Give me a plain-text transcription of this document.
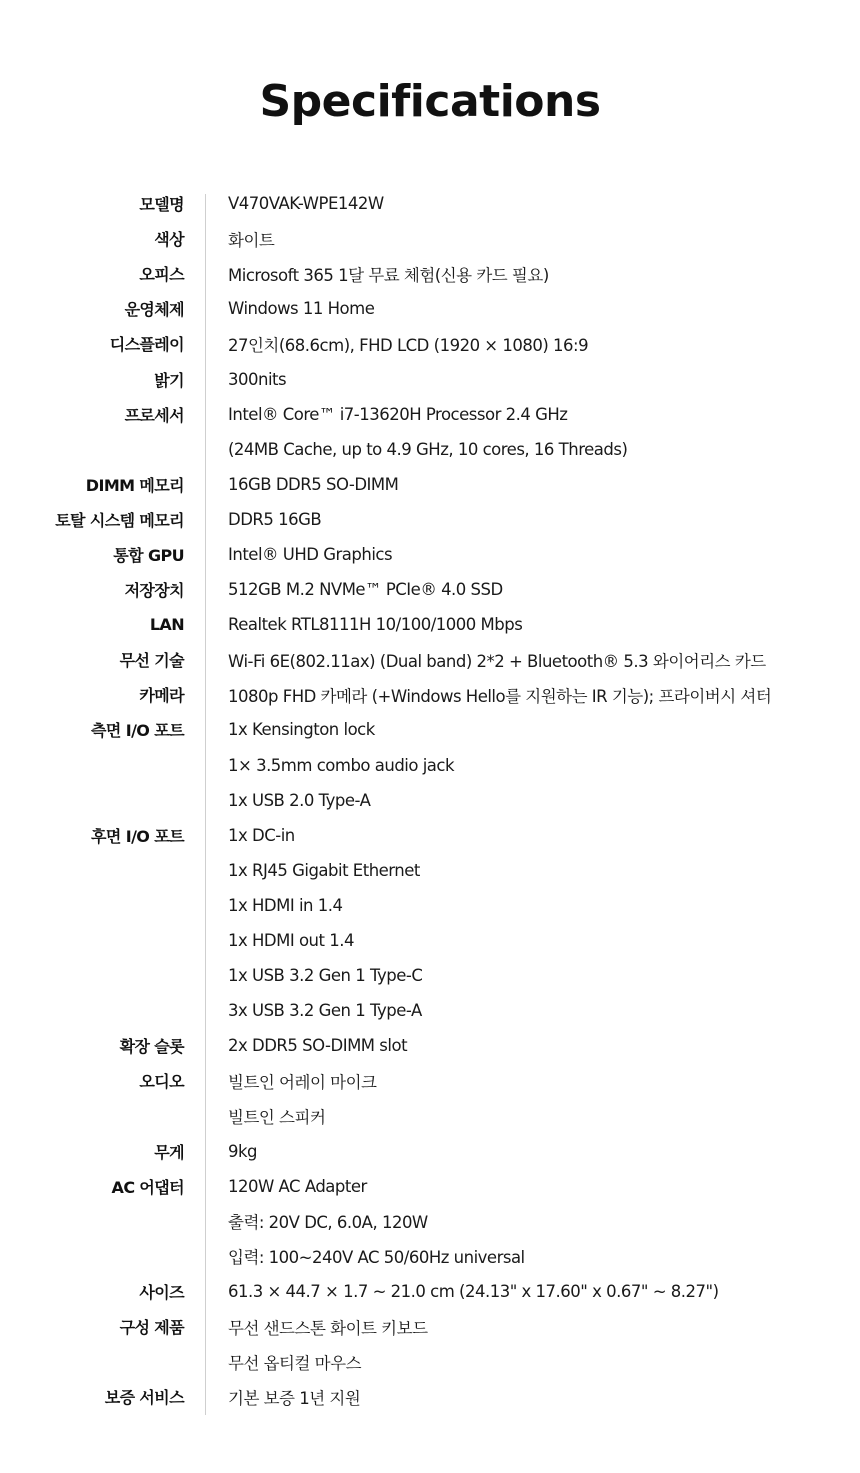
Specifications
모델명	V470VAK-WPE142W
색상	화이트
오피스	Microsoft 365 1달 무료 체험(신용 카드 필요)
운영체제	Windows 11 Home
디스플레이	27인치(68.6cm), FHD LCD (1920 × 1080) 16:9
밝기	300nits
프로세서	Intel® Core™ i7-13620H Processor 2.4 GHz
(24MB Cache, up to 4.9 GHz, 10 cores, 16 Threads)
DIMM 메모리	16GB DDR5 SO-DIMM
토탈 시스템 메모리	DDR5 16GB
통합 GPU	Intel® UHD Graphics
저장장치	512GB M.2 NVMe™ PCIe® 4.0 SSD
LAN	Realtek RTL8111H 10/100/1000 Mbps
무선 기술	Wi-Fi 6E(802.11ax) (Dual band) 2*2 + Bluetooth® 5.3 와이어리스 카드
카메라	1080p FHD 카메라 (+Windows Hello를 지원하는 IR 기능); 프라이버시 셔터
측면 I/O 포트	1x Kensington lock
1× 3.5mm combo audio jack
1x USB 2.0 Type-A
후면 I/O 포트	1x DC-in
1x RJ45 Gigabit Ethernet
1x HDMI in 1.4
1x HDMI out 1.4
1x USB 3.2 Gen 1 Type-C
3x USB 3.2 Gen 1 Type-A
확장 슬롯	2x DDR5 SO-DIMM slot
오디오	빌트인 어레이 마이크
빌트인 스피커
무게	9kg
AC 어댑터	120W AC Adapter
출력: 20V DC, 6.0A, 120W
입력: 100~240V AC 50/60Hz universal
사이즈	61.3 × 44.7 × 1.7 ~ 21.0 cm (24.13" x 17.60" x 0.67" ~ 8.27")
구성 제품	무선 샌드스톤 화이트 키보드
무선 옵티컬 마우스
보증 서비스	기본 보증 1년 지원
